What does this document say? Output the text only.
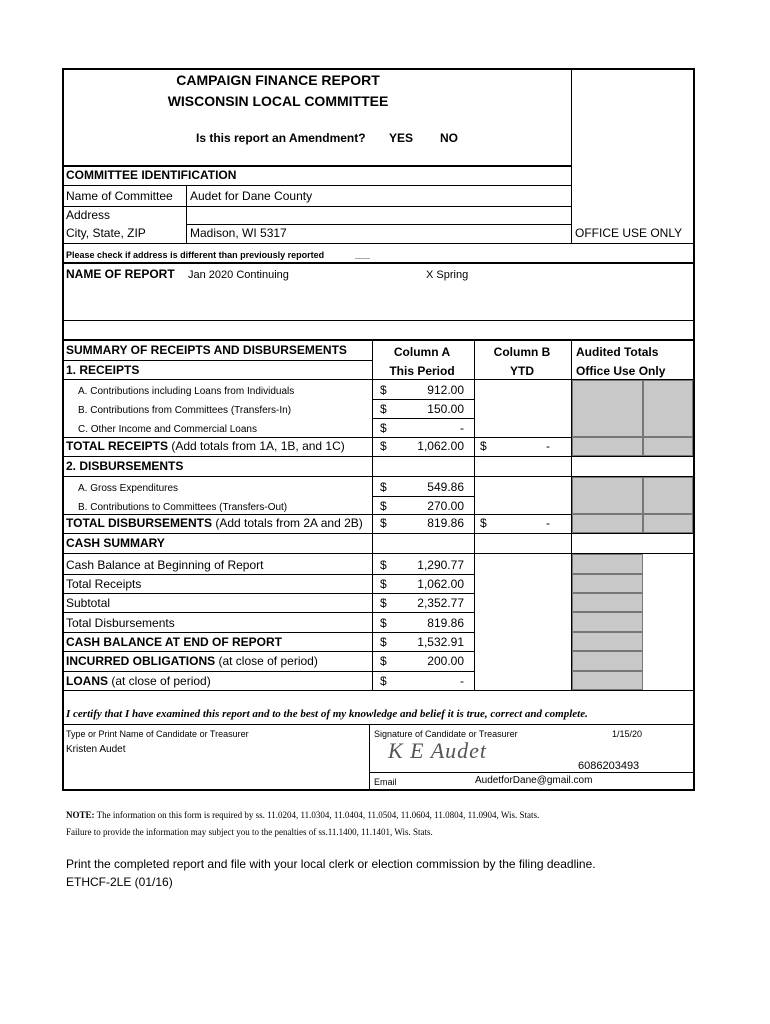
CAMPAIGN FINANCE REPORT
WISCONSIN LOCAL COMMITTEE
Is this report an Amendment? YES NO
COMMITTEE IDENTIFICATION
Name of Committee Audet for Dane County
Address
City, State, ZIP	Madison, WI 5317	OFFICE USE ONLY
Please check if address is different than previously reported	___
NAME OF REPORT Jan 2020 Continuing	X Spring
SUMMARY OF RECEIPTS AND DISBURSEMENTS	Column A
This Period
Column B
YTD
Audited Totals
Office Use Only
1. RECEIPTS
A. Contributions including Loans from Individuals	$	912.00
B. Contributions from Committees (Transfers-In)	$	150.00
C. Other Income and Commercial Loans	$	-
TOTAL RECEIPTS (Add totals from 1A, 1B, and 1C)	$	1,062.00 $	-
2. DISBURSEMENTS
A. Gross Expenditures	$	549.86
B. Contributions to Committees (Transfers-Out)	$	270.00
TOTAL DISBURSEMENTS (Add totals from 2A and 2B) $	819.86 $	-
CASH SUMMARY
Cash Balance at Beginning of Report	$	1,290.77
Total Receipts	$	1,062.00
Subtotal	$	2,352.77
Total Disbursements	$	819.86
CASH BALANCE AT END OF REPORT	$	1,532.91
INCURRED OBLIGATIONS (at close of period)	$	200.00
LOANS (at close of period)	$	-
I certify that I have examined this report and to the best of my knowledge and belief it is true, correct and complete.
Type or Print Name of Candidate or Treasurer
Kristen Audet
Signature of Candidate or Treasurer	1/15/20
K E Audet
6086203493
Email	AudetforDane@gmail.com
NOTE: The information on this form is required by ss. 11.0204, 11.0304, 11.0404, 11.0504, 11.0604, 11.0804, 11.0904, Wis. Stats.
Failure to provide the information may subject you to the penalties of ss.11.1400, 11.1401, Wis. Stats.
Print the completed report and file with your local clerk or election commission by the filing deadline.
ETHCF-2LE (01/16)
